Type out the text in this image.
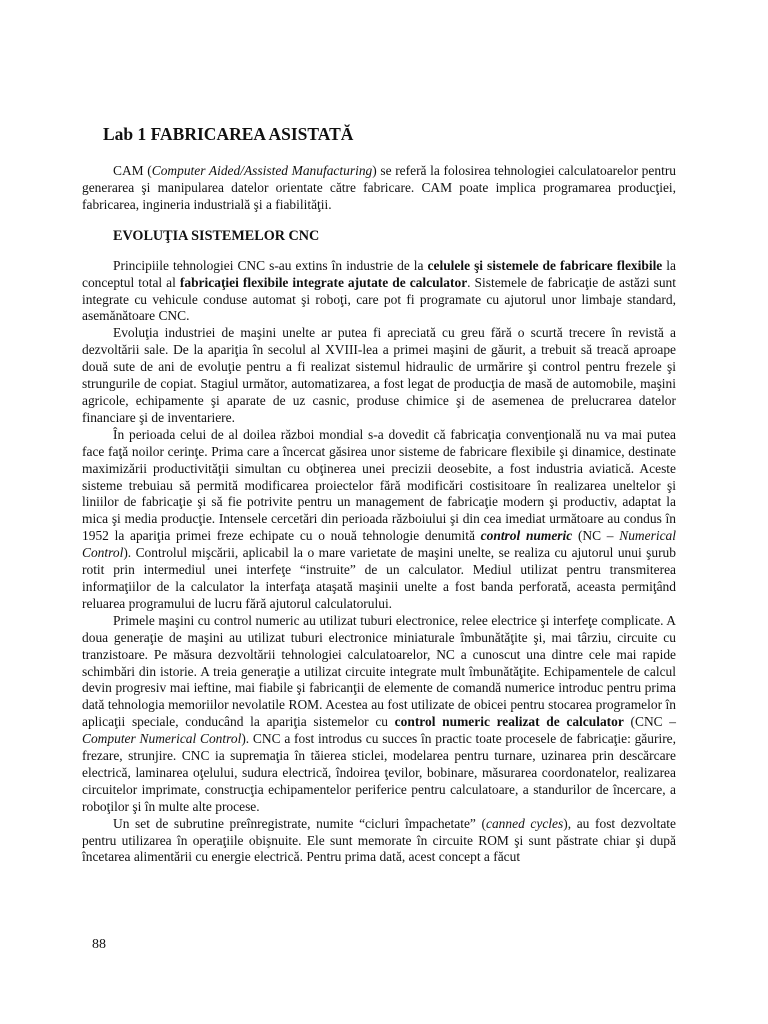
Lab 1 FABRICAREA ASISTATĂ

CAM (Computer Aided/Assisted Manufacturing) se referă la folosirea tehnologiei calculatoarelor pentru generarea şi manipularea datelor orientate către fabricare. CAM poate implica programarea producţiei, fabricarea, ingineria industrială şi a fiabilităţii.

EVOLUŢIA SISTEMELOR CNC

Principiile tehnologiei CNC s-au extins în industrie de la celulele şi sistemele de fabricare flexibile la conceptul total al fabricaţiei flexibile integrate ajutate de calculator. Sistemele de fabricaţie de astăzi sunt integrate cu vehicule conduse automat şi roboţi, care pot fi programate cu ajutorul unor limbaje standard, asemănătoare CNC.

Evoluţia industriei de maşini unelte ar putea fi apreciată cu greu fără o scurtă trecere în revistă a dezvoltării sale. De la apariţia în secolul al XVIII-lea a primei maşini de găurit, a trebuit să treacă aproape două sute de ani de evoluţie pentru a fi realizat sistemul hidraulic de urmărire şi control pentru frezele şi strungurile de copiat. Stagiul următor, automatizarea, a fost legat de producţia de masă de automobile, maşini agricole, echipamente şi aparate de uz casnic, produse chimice şi de asemenea de prelucrarea datelor financiare şi de inventariere.

În perioada celui de al doilea război mondial s-a dovedit că fabricaţia convenţională nu va mai putea face faţă noilor cerinţe. Prima care a încercat găsirea unor sisteme de fabricare flexibile şi dinamice, destinate maximizării productivităţii simultan cu obţinerea unei precizii deosebite, a fost industria aviatică. Aceste sisteme trebuiau să permită modificarea proiectelor fără modificări costisitoare în realizarea uneltelor şi liniilor de fabricaţie şi să fie potrivite pentru un management de fabricaţie modern şi productiv, adaptat la mica şi media producţie. Intensele cercetări din perioada războiului şi din cea imediat următoare au condus în 1952 la apariţia primei freze echipate cu o nouă tehnologie denumită control numeric (NC – Numerical Control). Controlul mişcării, aplicabil la o mare varietate de maşini unelte, se realiza cu ajutorul unui şurub rotit prin intermediul unei interfeţe “instruite” de un calculator. Mediul utilizat pentru transmiterea informaţiilor de la calculator la interfaţa ataşată maşinii unelte a fost banda perforată, aceasta permiţând reluarea programului de lucru fără ajutorul calculatorului.

Primele maşini cu control numeric au utilizat tuburi electronice, relee electrice şi interfeţe complicate. A doua generaţie de maşini au utilizat tuburi electronice miniaturale îmbunătăţite şi, mai târziu, circuite cu tranzistoare. Pe măsura dezvoltării tehnologiei calculatoarelor, NC a cunoscut una dintre cele mai rapide schimbări din istorie. A treia generaţie a utilizat circuite integrate mult îmbunătăţite. Echipamentele de calcul devin progresiv mai ieftine, mai fiabile şi fabricanţii de elemente de comandă numerice introduc pentru prima dată tehnologia memoriilor nevolatile ROM. Acestea au fost utilizate de obicei pentru stocarea programelor în aplicaţii speciale, conducând la apariţia sistemelor cu control numeric realizat de calculator (CNC – Computer Numerical Control). CNC a fost introdus cu succes în practic toate procesele de fabricaţie: găurire, frezare, strunjire. CNC ia supremaţia în tăierea sticlei, modelarea pentru turnare, uzinarea prin descărcare electrică, laminarea oţelului, sudura electrică, îndoirea ţevilor, bobinare, măsurarea coordonatelor, realizarea circuitelor imprimate, construcţia echipamentelor periferice pentru calculatoare, a standurilor de încercare, a roboţilor şi în multe alte procese.

Un set de subrutine preînregistrate, numite “cicluri împachetate” (canned cycles), au fost dezvoltate pentru utilizarea în operaţiile obişnuite. Ele sunt memorate în circuite ROM şi sunt păstrate chiar şi după încetarea alimentării cu energie electrică. Pentru prima dată, acest concept a făcut

88
